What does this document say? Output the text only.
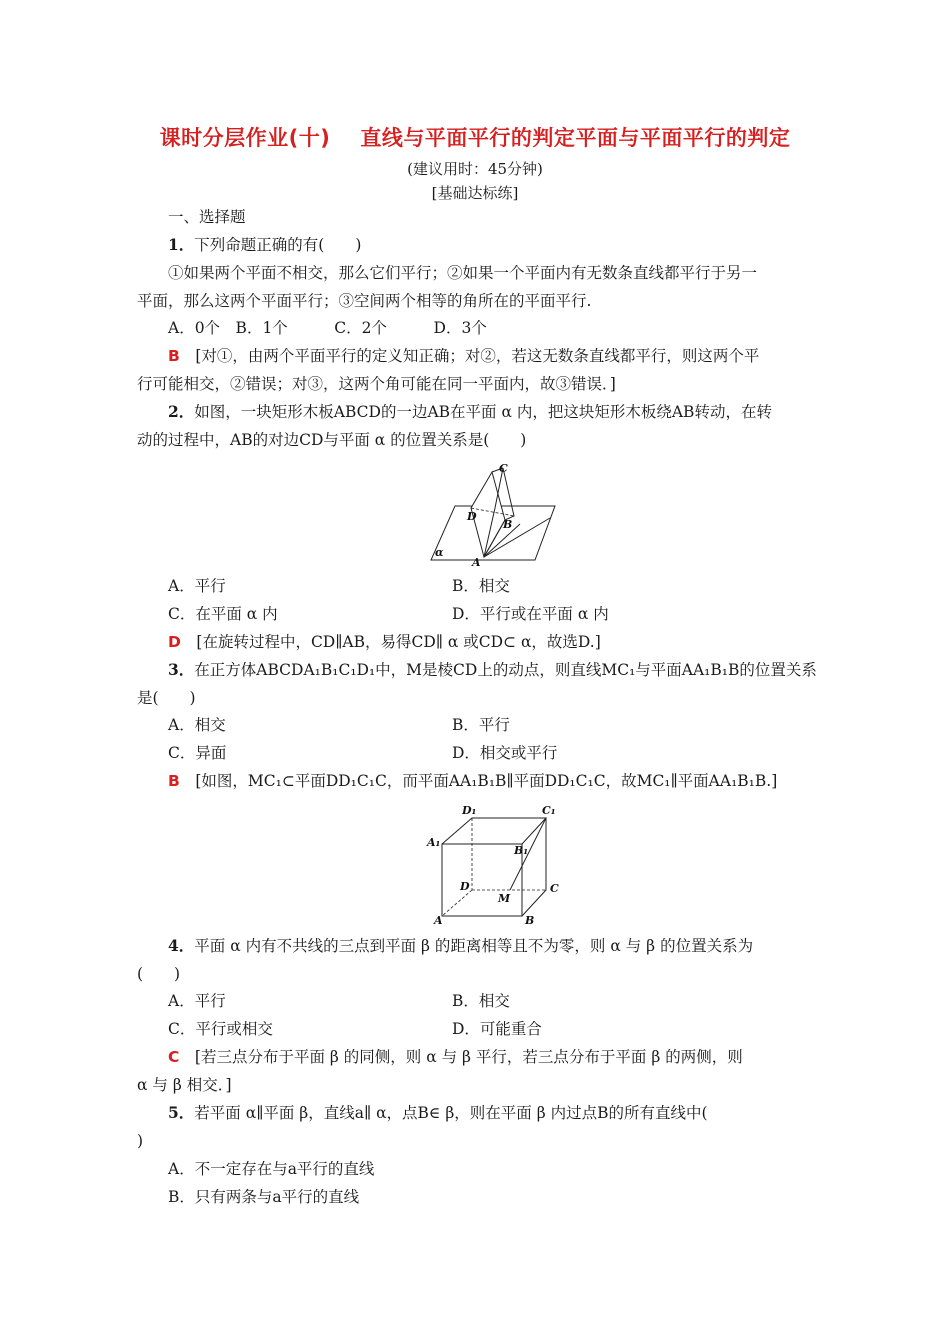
课时分层作业(十) 直线与平面平行的判定平面与平面平行的判定
(建议用时：45分钟)
[基础达标练]
一、选择题
1．下列命题正确的有(　　)
①如果两个平面不相交，那么它们平行；②如果一个平面内有无数条直线都平行于另一
平面，那么这两个平面平行；③空间两个相等的角所在的平面平行.
A．0个　B．1个　　　C．2个　　　D．3个
B　 [对①，由两个平面平行的定义知正确；对②，若这无数条直线都平行，则这两个平
行可能相交，②错误；对③，这两个角可能在同一平面内，故③错误．]
2．如图，一块矩形木板ABCD的一边AB在平面 α 内，把这块矩形木板绕AB转动，在转
动的过程中，AB的对边CD与平面 α 的位置关系是(　　)
C
D
B
A
α
A．平行	B．相交
C．在平面 α 内	D．平行或在平面 α 内
D　 [在旋转过程中，CD∥AB，易得CD∥ α 或CD⊂ α，故选D.]
3．在正方体ABCDA₁B₁C₁D₁中，M是棱CD上的动点，则直线MC₁与平面AA₁B₁B的位置关系
是(　　)
A．相交	B．平行
C．异面	D．相交或平行
B　 [如图，MC₁⊂平面DD₁C₁C，而平面AA₁B₁B∥平面DD₁C₁C，故MC₁∥平面AA₁B₁B.]
D₁	C₁
A₁
B₁
D	C
M
A	B
4．平面 α 内有不共线的三点到平面 β 的距离相等且不为零，则 α 与 β 的位置关系为
(　　)
A．平行	B．相交
C．平行或相交	D．可能重合
C　 [若三点分布于平面 β 的同侧，则 α 与 β 平行，若三点分布于平面 β 的两侧，则
α 与 β 相交．]
5．若平面 α∥平面 β，直线a∥ α，点B∈ β，则在平面 β 内过点B的所有直线中(
)
A．不一定存在与a平行的直线
B．只有两条与a平行的直线
